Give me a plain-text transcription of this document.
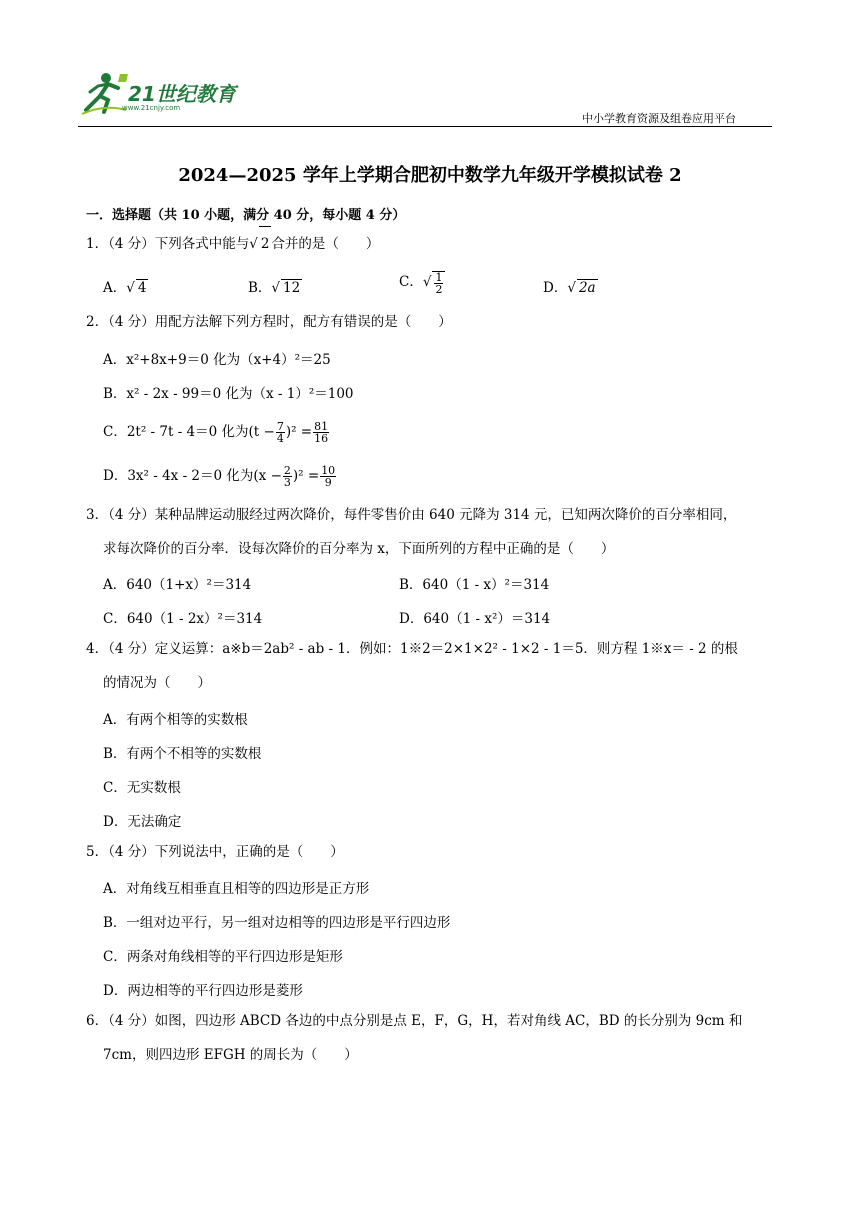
21世纪教育
www.21cnjy.com
中小学教育资源及组卷应用平台
2024—2025 学年上学期合肥初中数学九年级开学模拟试卷 2
一．选择题（共 10 小题，满分 40 分，每小题 4 分）
1．（4 分）下列各式中能与√ 2 合并的是（　　）
A．√ 4	B．√ 12	C．√ $\frac{1}{2}$	D．√ 2a
2．（4 分）用配方法解下列方程时，配方有错误的是（　　）
A．x²+8x+9＝0 化为（x+4）²＝25
B．x² - 2x - 99＝0 化为（x - 1）²＝100
C．2t² - 7t - 4＝0 化为$(t - \frac{7}{4} )^2 = \frac{81}{16}$
D．3x² - 4x - 2＝0 化为$(x - \frac{2}{3} )^2 = \frac{10}{9}$
3．（4 分）某种品牌运动服经过两次降价，每件零售价由 640 元降为 314 元，已知两次降价的百分率相同，
求每次降价的百分率．设每次降价的百分率为 x，下面所列的方程中正确的是（　　）
A．640（1+x）²＝314	B．640（1 - x）²＝314
C．640（1 - 2x）²＝314	D．640（1 - x²）＝314
4．（4 分）定义运算：a※b＝2ab² - ab - 1．例如：1※2＝2×1×2² - 1×2 - 1＝5．则方程 1※x＝ - 2 的根
的情况为（　　）
A．有两个相等的实数根
B．有两个不相等的实数根
C．无实数根
D．无法确定
5．（4 分）下列说法中，正确的是（　　）
A．对角线互相垂直且相等的四边形是正方形
B．一组对边平行，另一组对边相等的四边形是平行四边形
C．两条对角线相等的平行四边形是矩形
D．两边相等的平行四边形是菱形
6．（4 分）如图，四边形 ABCD 各边的中点分别是点 E，F，G，H，若对角线 AC，BD 的长分别为 9cm 和
7cm，则四边形 EFGH 的周长为（　　）
